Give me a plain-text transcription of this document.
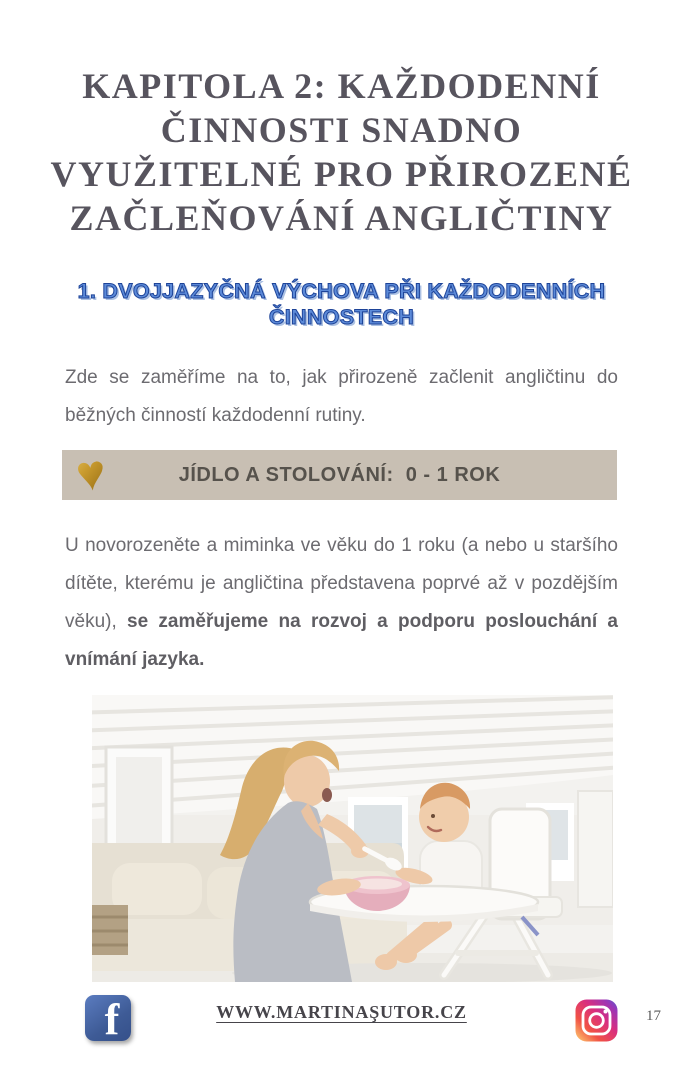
KAPITOLA 2: KAŽDODENNÍ
ČINNOSTI SNADNO
VYUŽITELNÉ PRO PŘIROZENÉ
ZAČLEŇOVÁNÍ ANGLIČTINY
1. DVOJJAZYČNÁ VÝCHOVA PŘI KAŽDODENNÍCH
ČINNOSTECH

Zde se zaměříme na to, jak přirozeně začlenit angličtinu do běžných činností každodenní rutiny.

♥	JÍDLO A STOLOVÁNÍ:  0 - 1 ROK

U novorozeněte a miminka ve věku do 1 roku (a nebo u staršího dítěte, kterému je angličtina představena poprvé až v pozdějším věku), se zaměřujeme na rozvoj a podporu poslouchání a vnímání jazyka.

f	WWW.MARTINAŞUTOR.CZ	17
